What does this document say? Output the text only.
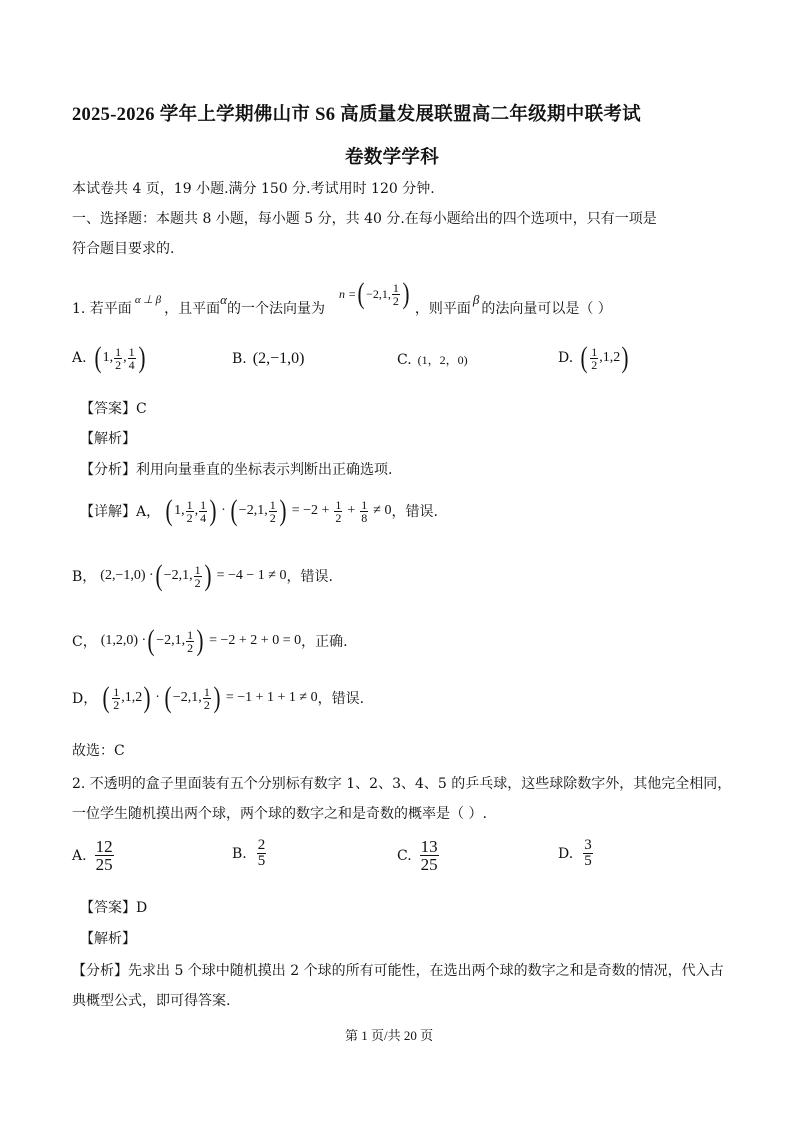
2025-2026 学年上学期佛山市 S6 高质量发展联盟高二年级期中联考试
卷数学学科
本试卷共 4 页，19 小题.满分 150 分.考试用时 120 分钟.
一、选择题：本题共 8 小题，每小题 5 分，共 40 分.在每小题给出的四个选项中，只有一项是
符合题目要求的.
1. 若平面
α ⊥ β
，且平面
α
的一个法向量为
n = ( −2,1, $\frac{1}{2}$ ) ，则平面
β
的法向量可以是（ ）
A. ( 1, $\frac{1}{2}$ , $\frac{1}{4}$ )	B. (2,−1,0)	C. (1，2，0)	D. ( $\frac{1}{2} ,1,2$ )
【答案】C
【解析】
【分析】利用向量垂直的坐标表示判断出正确选项.
【详解】A， ( 1, $\frac{1}{2}$ , $\frac{1}{4}$ ) · ( −2,1, $\frac{1}{2}$ ) = $-2 + \frac{1}{2} + \frac{1}{8} \ne 0$ ，错误.
B， (2,−1,0) · ( −2,1, $\frac{1}{2}$ ) = −4 − 1 ≠ 0 ，错误.
C， (1,2,0) · ( −2,1, $\frac{1}{2}$ ) = −2 + 2 + 0 = 0 ，正确.
D， ( $\frac{1}{2} ,1,2$ ) · ( −2,1, $\frac{1}{2}$ ) = −1 + 1 + 1 ≠ 0 ，错误.
故选：C
2. 不透明的盒子里面装有五个分别标有数字 1、2、3、4、5 的乒乓球，这些球除数字外，其他完全相同，
一位学生随机摸出两个球，两个球的数字之和是奇数的概率是（ ）.
A. $\frac{12}{25}$	B. $\frac{2}{5}$	C. $\frac{13}{25}$	D. $\frac{3}{5}$
【答案】D
【解析】
【分析】先求出 5 个球中随机摸出 2 个球的所有可能性，在选出两个球的数字之和是奇数的情况，代入古
典概型公式，即可得答案.
第 1 页/共 20 页
